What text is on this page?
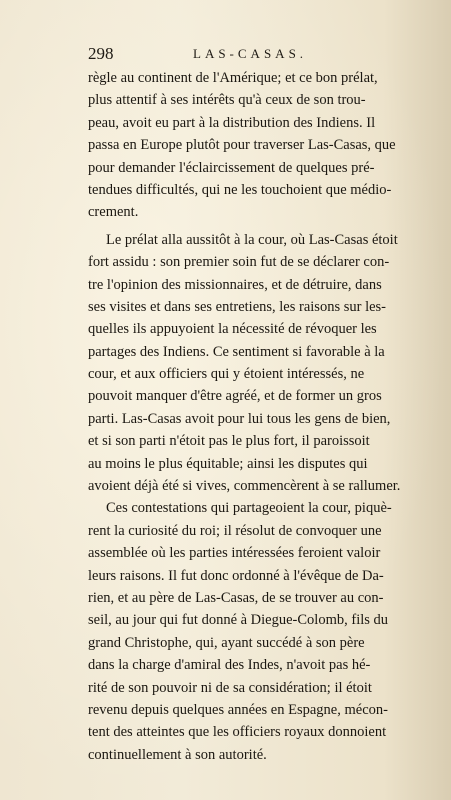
298	LAS-CASAS.
règle au continent de l'Amérique; et ce bon prélat,
plus attentif à ses intérêts qu'à ceux de son trou-
peau, avoit eu part à la distribution des Indiens. Il
passa en Europe plutôt pour traverser Las-Casas, que
pour demander l'éclaircissement de quelques pré-
tendues difficultés, qui ne les touchoient que médio-
crement.
Le prélat alla aussitôt à la cour, où Las-Casas étoit
fort assidu : son premier soin fut de se déclarer con-
tre l'opinion des missionnaires, et de détruire, dans
ses visites et dans ses entretiens, les raisons sur les-
quelles ils appuyoient la nécessité de révoquer les
partages des Indiens. Ce sentiment si favorable à la
cour, et aux officiers qui y étoient intéressés, ne
pouvoit manquer d'être agréé, et de former un gros
parti. Las-Casas avoit pour lui tous les gens de bien,
et si son parti n'étoit pas le plus fort, il paroissoit
au moins le plus équitable; ainsi les disputes qui
avoient déjà été si vives, commencèrent à se rallumer.
Ces contestations qui partageoient la cour, piquè-
rent la curiosité du roi; il résolut de convoquer une
assemblée où les parties intéressées feroient valoir
leurs raisons. Il fut donc ordonné à l'évêque de Da-
rien, et au père de Las-Casas, de se trouver au con-
seil, au jour qui fut donné à Diegue-Colomb, fils du
grand Christophe, qui, ayant succédé à son père
dans la charge d'amiral des Indes, n'avoit pas hé-
rité de son pouvoir ni de sa considération; il étoit
revenu depuis quelques années en Espagne, mécon-
tent des atteintes que les officiers royaux donnoient
continuellement à son autorité.
